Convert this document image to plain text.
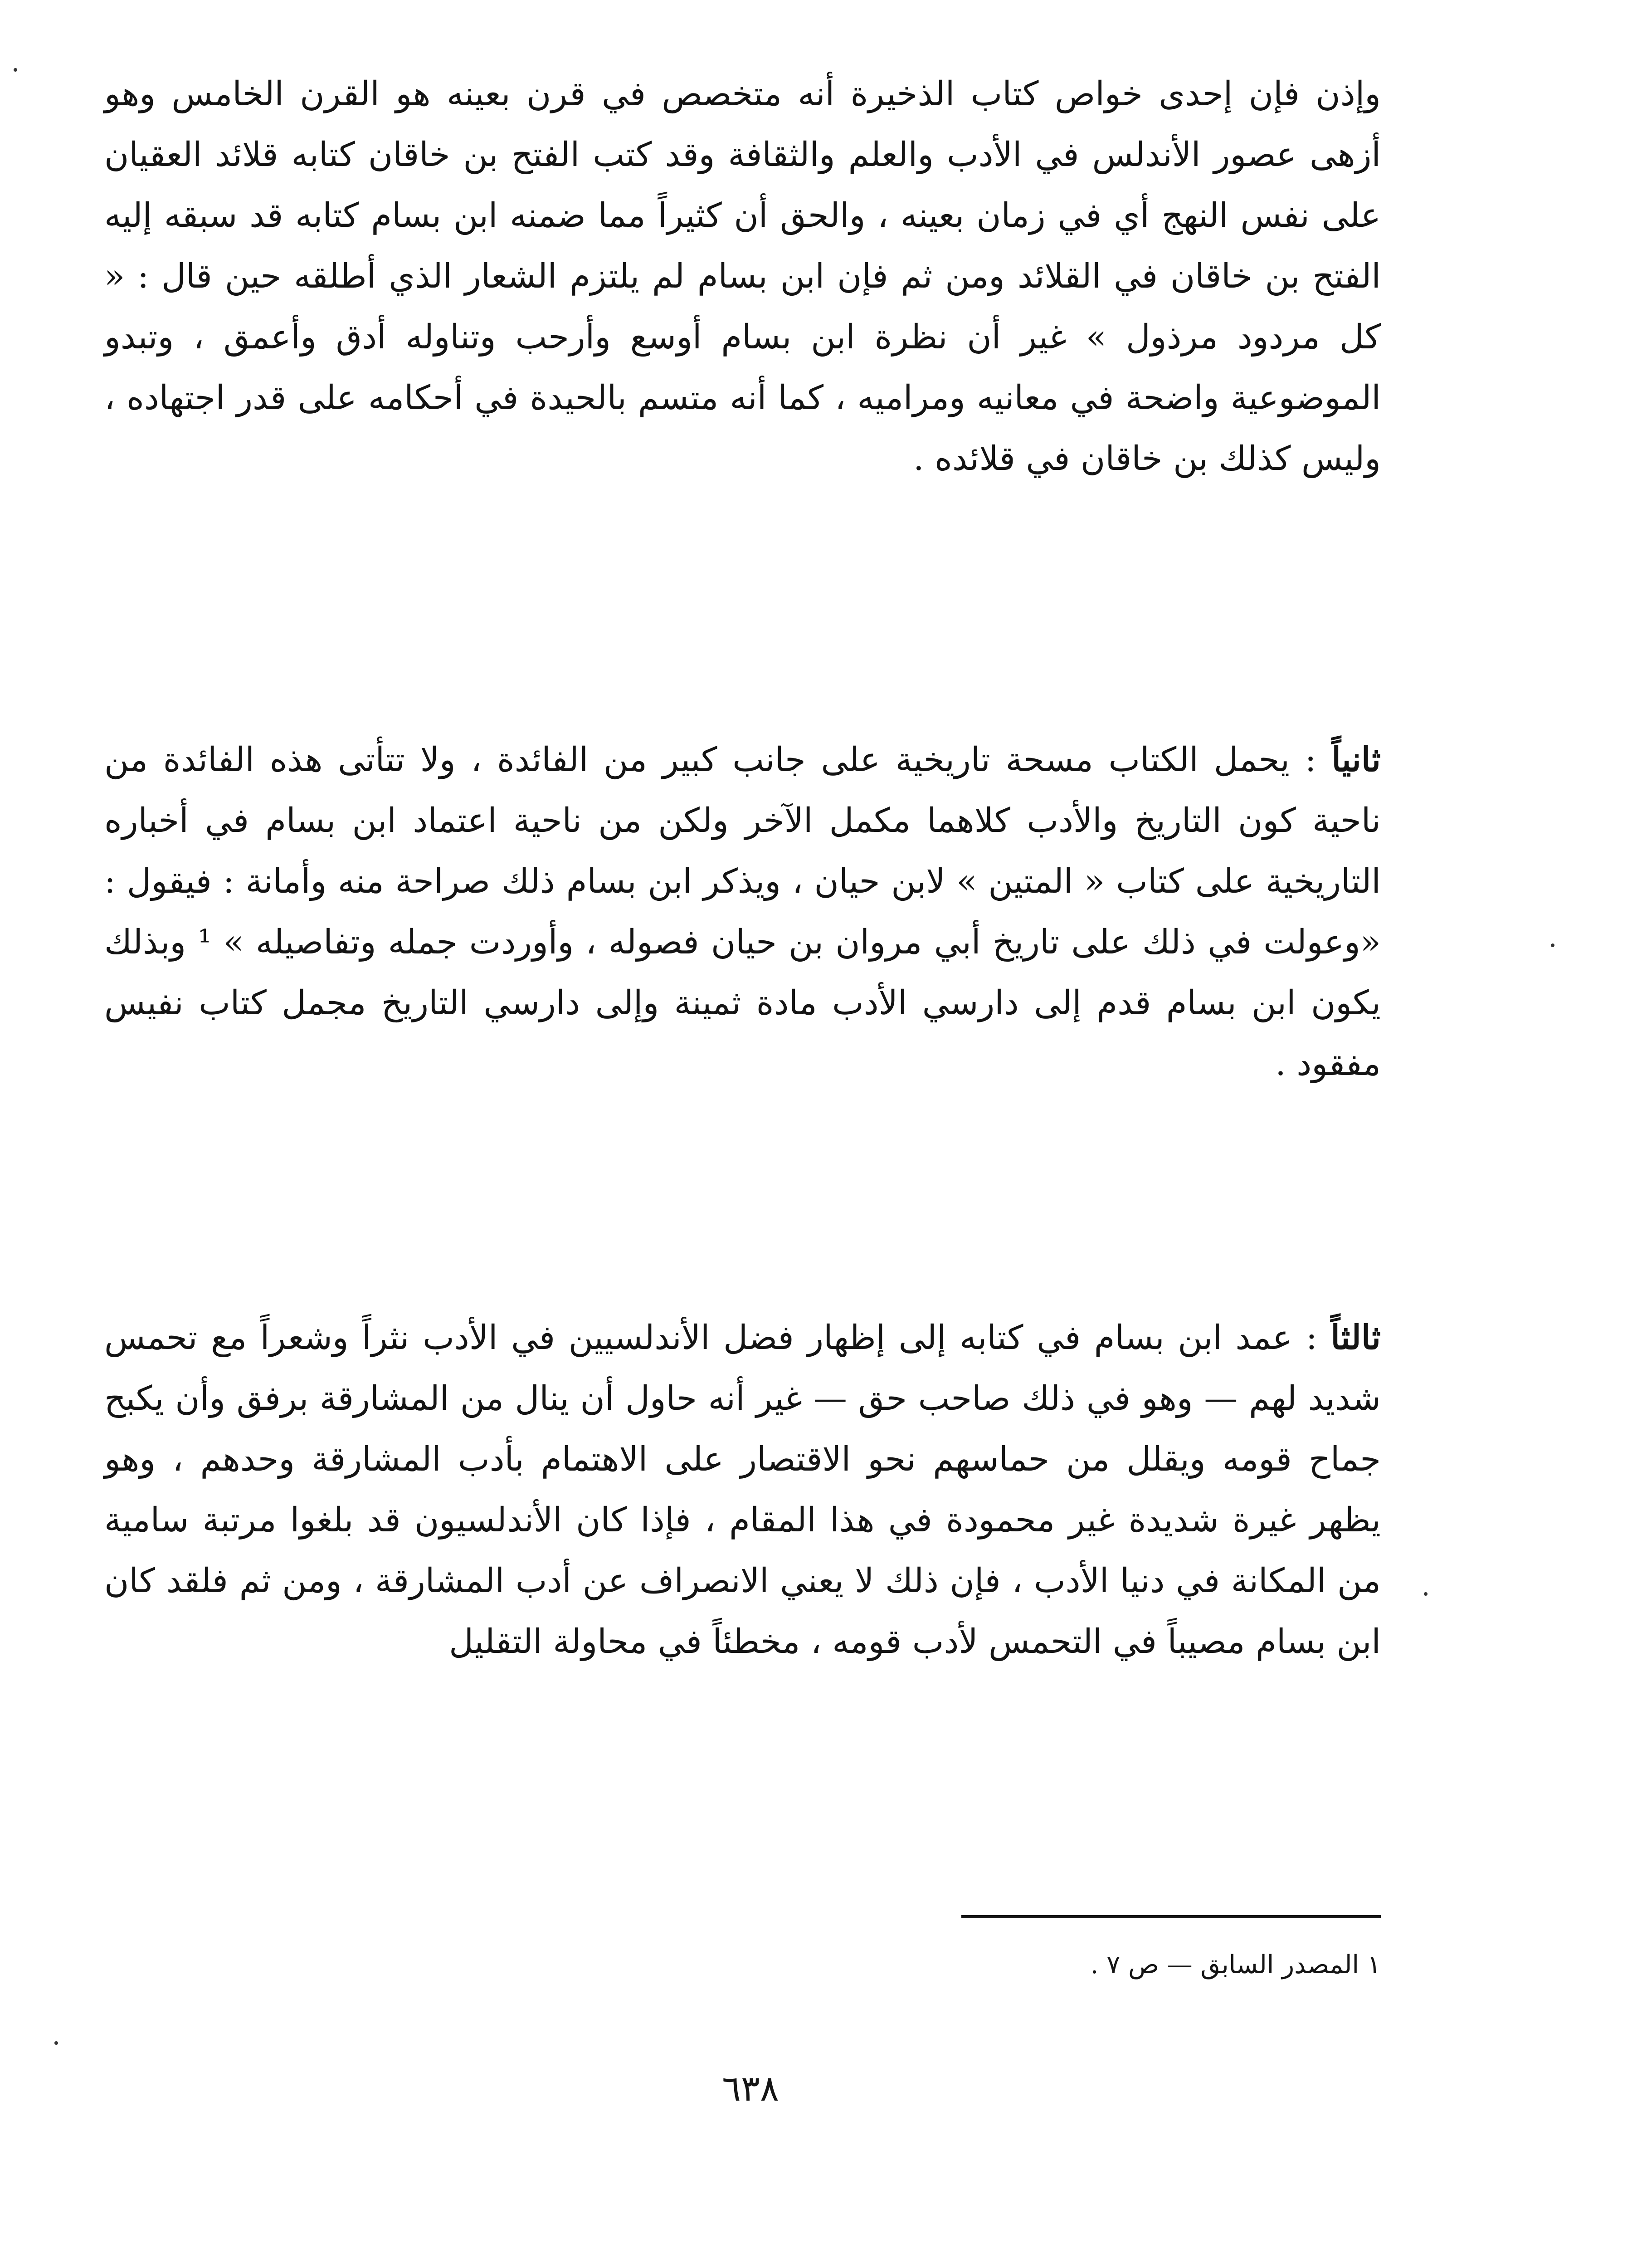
وإذن فإن إحدى خواص كتاب الذخيرة أنه متخصص في قرن بعينه هو القرن الخامس وهو أزهى عصور الأندلس في الأدب والعلم والثقافة وقد كتب الفتح بن خاقان كتابه قلائد العقيان على نفس النهج أي في زمان بعينه ، والحق أن كثيراً مما ضمنه ابن بسام كتابه قد سبقه إليه الفتح بن خاقان في القلائد ومن ثم فإن ابن بسام لم يلتزم الشعار الذي أطلقه حين قال : « كل مردود مرذول » غير أن نظرة ابن بسام أوسع وأرحب وتناوله أدق وأعمق ، وتبدو الموضوعية واضحة في معانيه ومراميه ، كما أنه متسم بالحيدة في أحكامه على قدر اجتهاده ، وليس كذلك بن خاقان في قلائده .

ثانياً : يحمل الكتاب مسحة تاريخية على جانب كبير من الفائدة ، ولا تتأتى هذه الفائدة من ناحية كون التاريخ والأدب كلاهما مكمل الآخر ولكن من ناحية اعتماد ابن بسام في أخباره التاريخية على كتاب « المتين » لابن حيان ، ويذكر ابن بسام ذلك صراحة منه وأمانة : فيقول : «وعولت في ذلك على تاريخ أبي مروان بن حيان فصوله ، وأوردت جمله وتفاصيله » ¹ وبذلك يكون ابن بسام قدم إلى دارسي الأدب مادة ثمينة وإلى دارسي التاريخ مجمل كتاب نفيس مفقود .

ثالثاً : عمد ابن بسام في كتابه إلى إظهار فضل الأندلسيين في الأدب نثراً وشعراً مع تحمس شديد لهم — وهو في ذلك صاحب حق — غير أنه حاول أن ينال من المشارقة برفق وأن يكبح جماح قومه ويقلل من حماسهم نحو الاقتصار على الاهتمام بأدب المشارقة وحدهم ، وهو يظهر غيرة شديدة غير محمودة في هذا المقام ، فإذا كان الأندلسيون قد بلغوا مرتبة سامية من المكانة في دنيا الأدب ، فإن ذلك لا يعني الانصراف عن أدب المشارقة ، ومن ثم فلقد كان ابن بسام مصيباً في التحمس لأدب قومه ، مخطئاً في محاولة التقليل

١ المصدر السابق — ص ٧ .
٦٣٨
